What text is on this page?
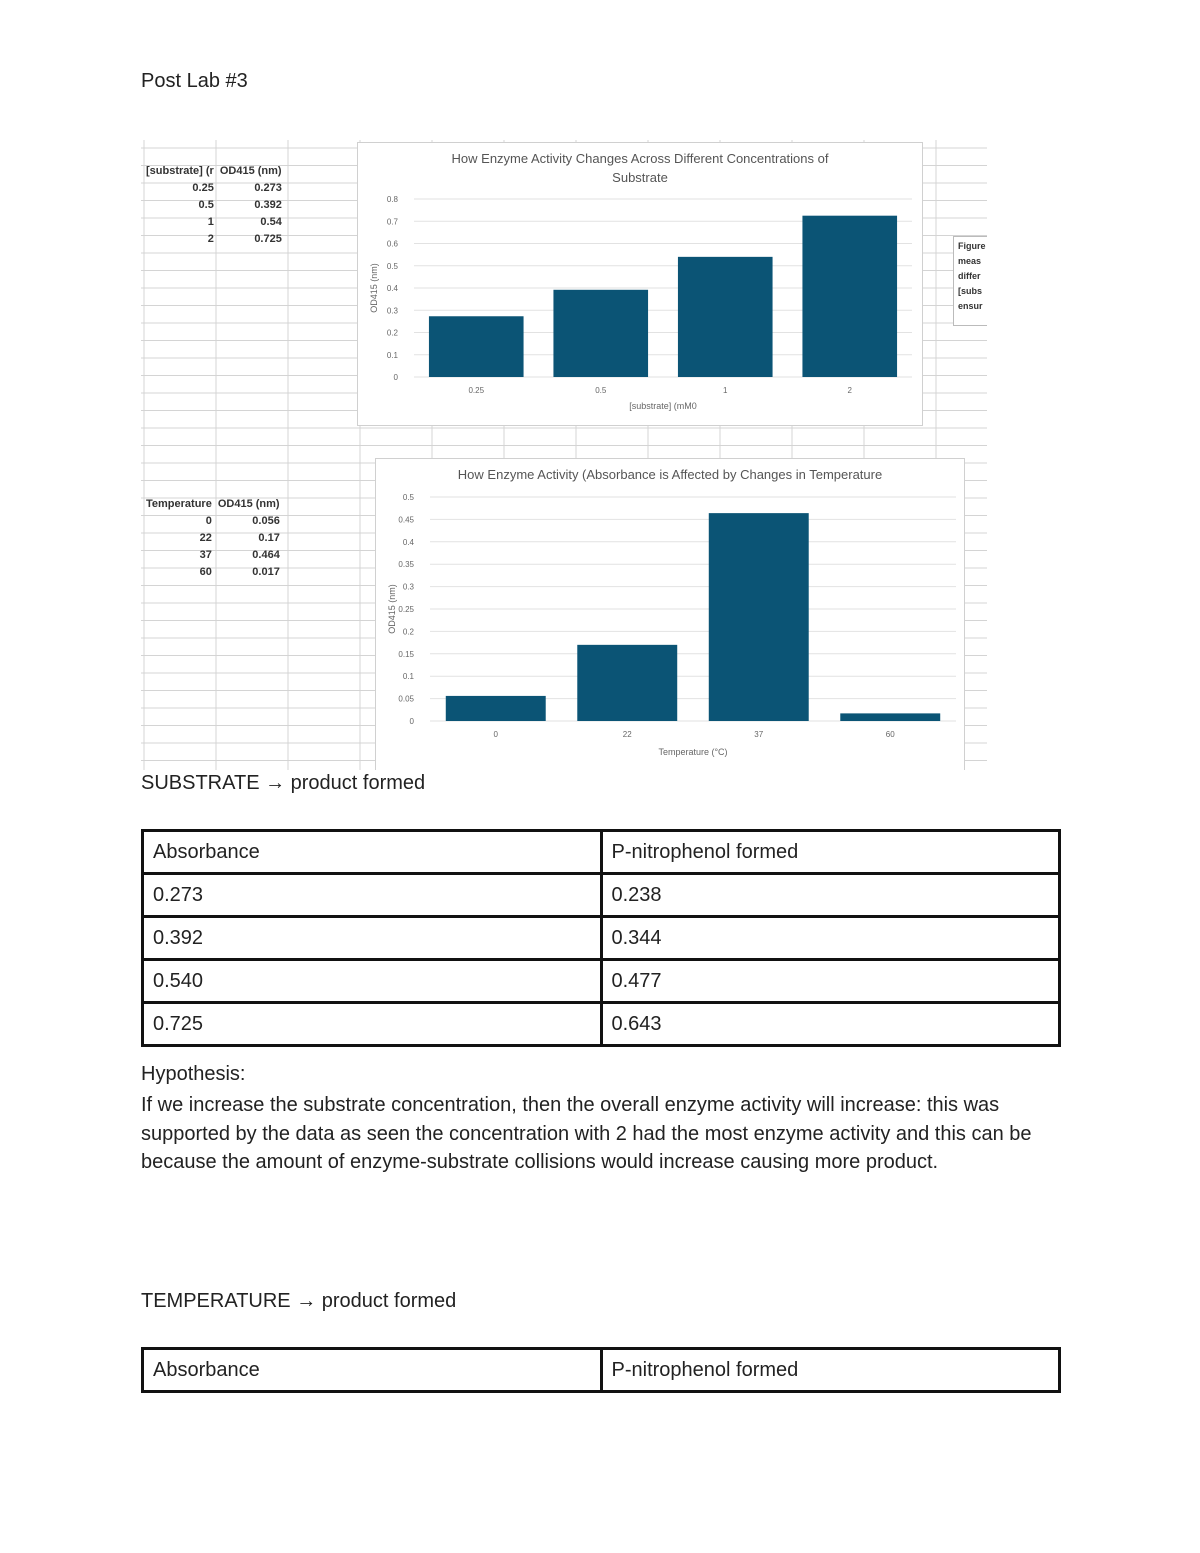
Post Lab #3
[substrate] (r	OD415 (nm)
0.25	0.273
0.5	0.392
1	0.54
2	0.725
Temperature	OD415 (nm)
0	0.056
22	0.17
37	0.464
60	0.017
How Enzyme Activity Changes Across Different Concentrations of
Substrate
0
0.1
0.2
0.3
0.4
0.5
0.6
0.7
0.8
0.25	0.5	1	2
[substrate] (mM0
OD415 (nm)
How Enzyme Activity (Absorbance is Affected by Changes in Temperature
0
0.05
0.1
0.15
0.2
0.25
0.3
0.35
0.4
0.45
0.5
0	22	37	60
Temperature (°C)
OD415 (nm)
Figure
meas
differ
[subs
ensur
SUBSTRATE → product formed
Absorbance	P-nitrophenol formed
0.273	0.238
0.392	0.344
0.540	0.477
0.725	0.643
Hypothesis:
If we increase the substrate concentration, then the overall enzyme activity will increase: this was supported by the data as seen the concentration with 2 had the most enzyme activity and this can be because the amount of enzyme-substrate collisions would increase causing more product.
TEMPERATURE → product formed
Absorbance	P-nitrophenol formed
